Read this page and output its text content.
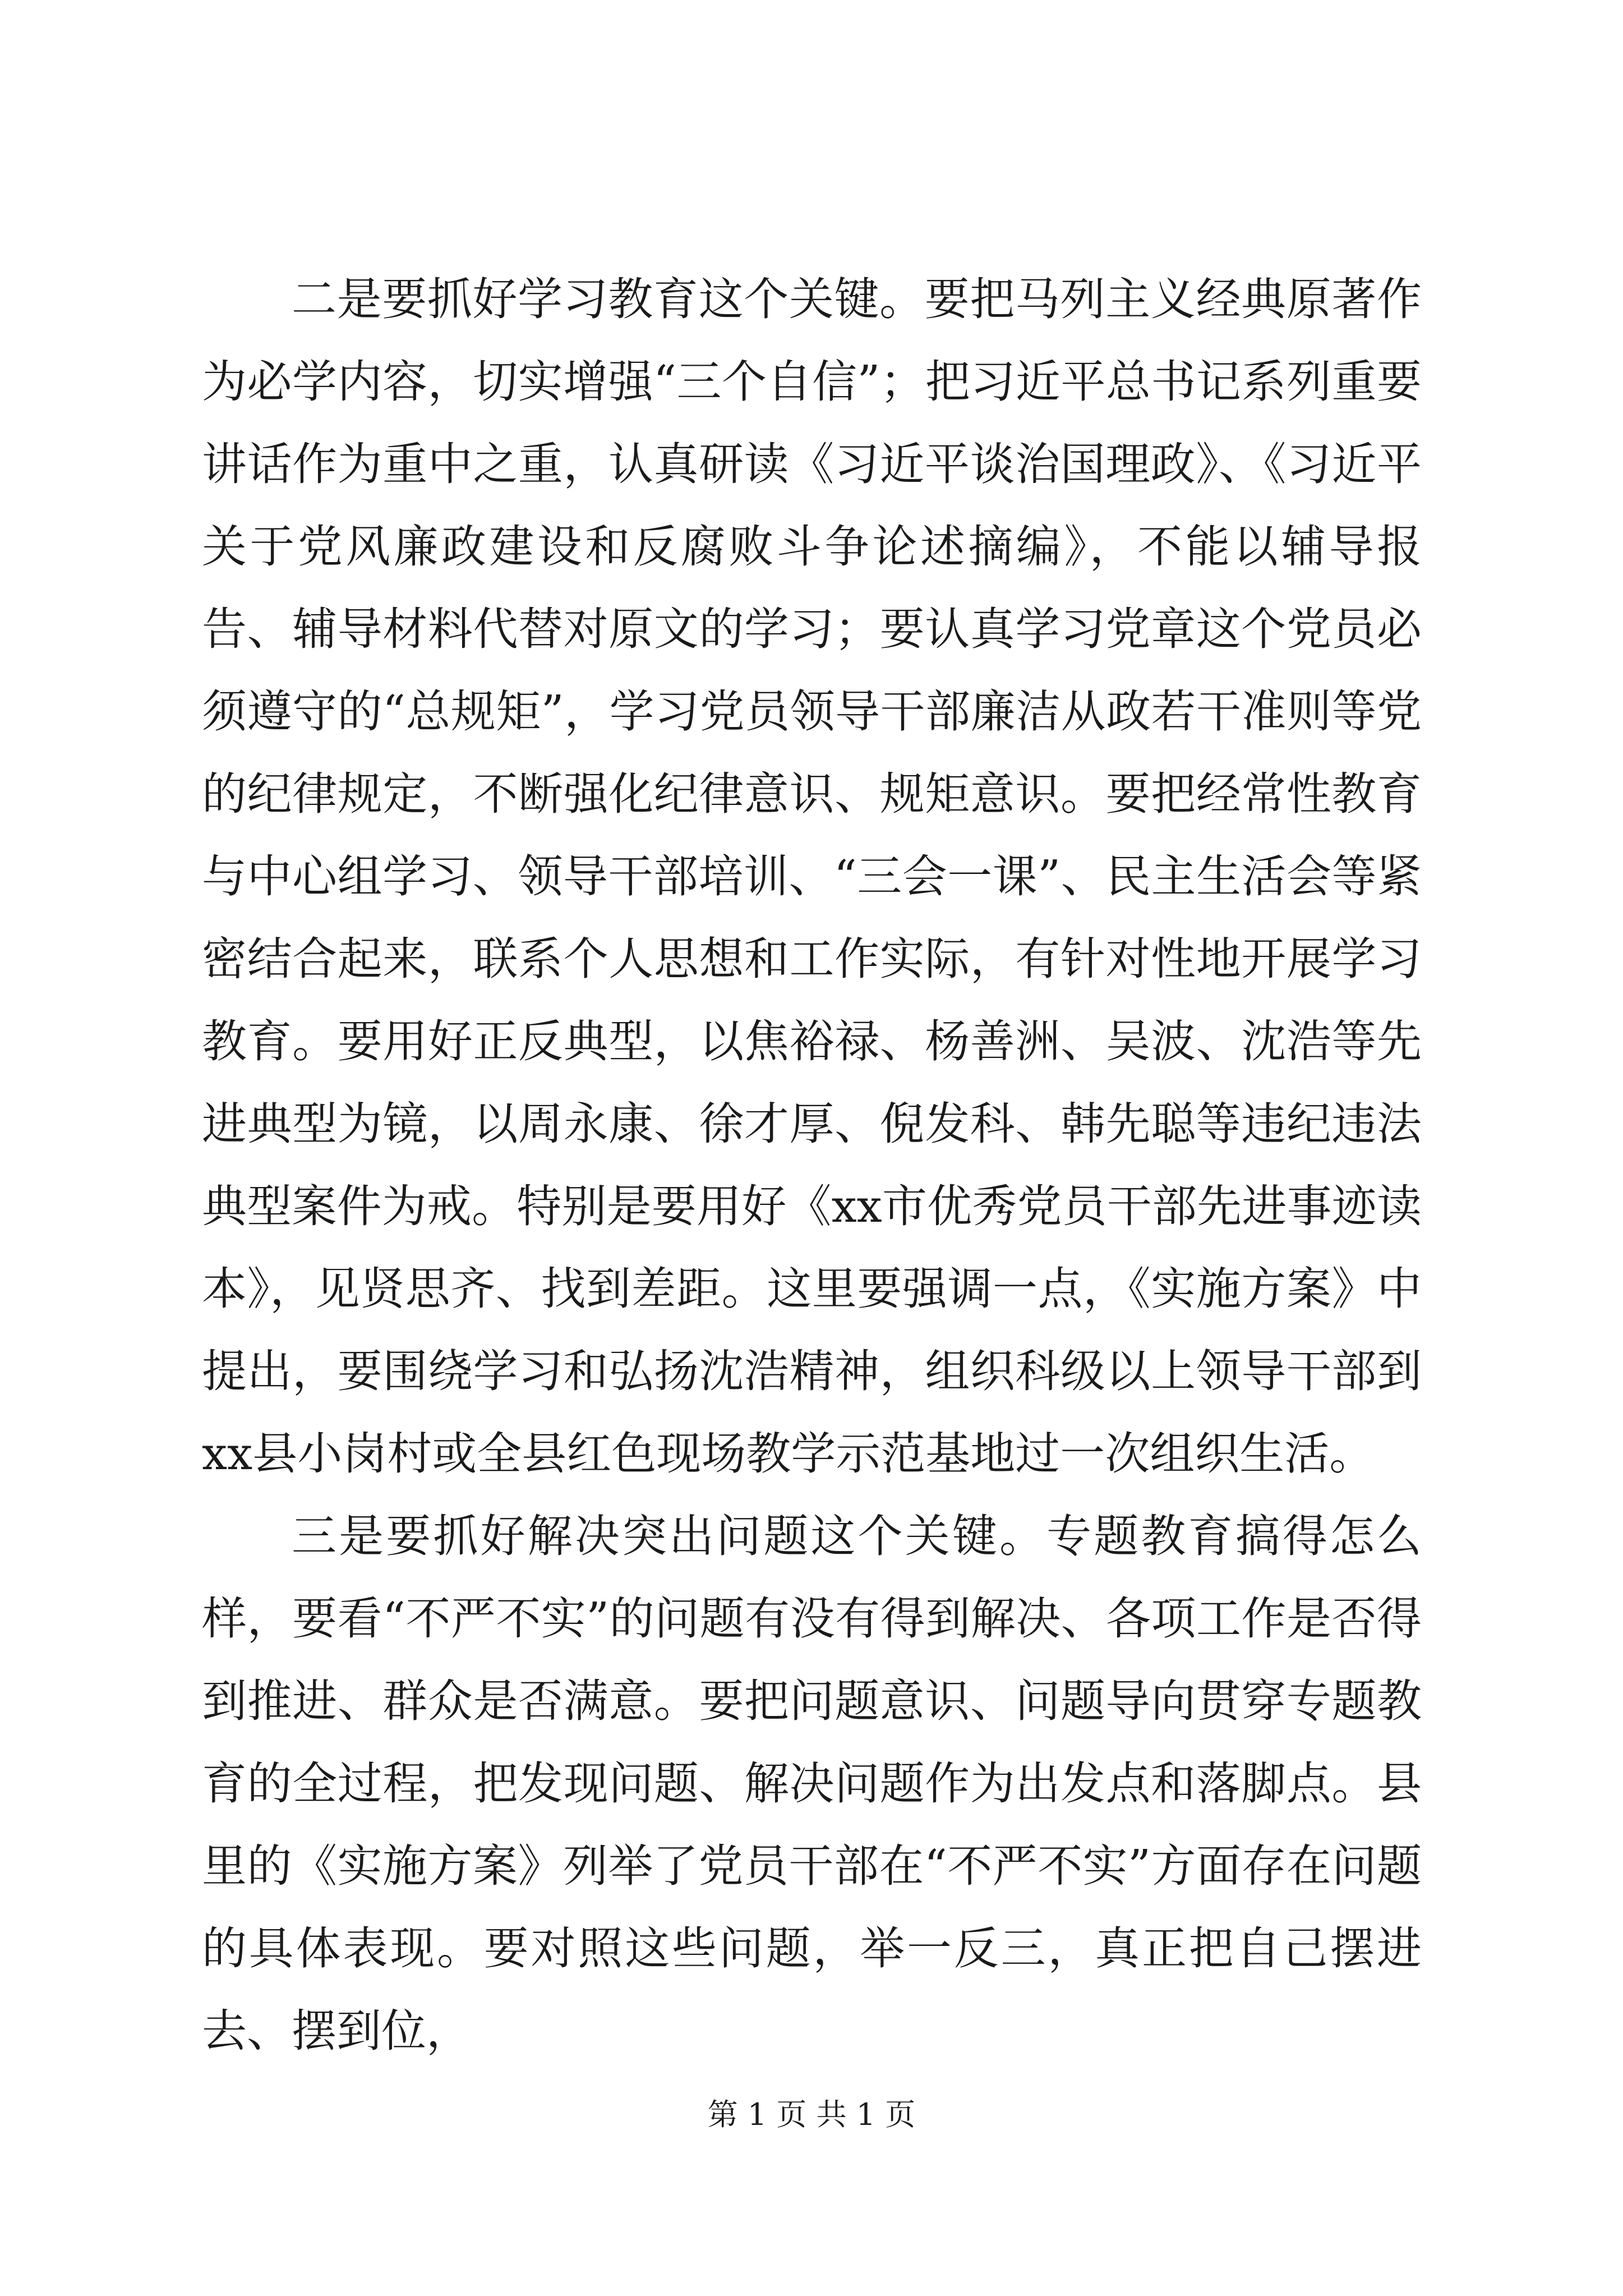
二是要抓好学习教育这个关键。要把马列主义经典原著作为必学内容，切实增强“三个自信”；把习近平总书记系列重要讲话作为重中之重，认真研读《习近平谈治国理政》、《习近平关于党风廉政建设和反腐败斗争论述摘编》，不能以辅导报告、辅导材料代替对原文的学习；要认真学习党章这个党员必须遵守的“总规矩”，学习党员领导干部廉洁从政若干准则等党的纪律规定，不断强化纪律意识、规矩意识。要把经常性教育与中心组学习、领导干部培训、“三会一课”、民主生活会等紧密结合起来，联系个人思想和工作实际，有针对性地开展学习教育。要用好正反典型，以焦裕禄、杨善洲、吴波、沈浩等先进典型为镜，以周永康、徐才厚、倪发科、韩先聪等违纪违法典型案件为戒。特别是要用好《xx市优秀党员干部先进事迹读本》，见贤思齐、找到差距。这里要强调一点，《实施方案》中提出，要围绕学习和弘扬沈浩精神，组织科级以上领导干部到xx县小岗村或全县红色现场教学示范基地过一次组织生活。

三是要抓好解决突出问题这个关键。专题教育搞得怎么样，要看“不严不实”的问题有没有得到解决、各项工作是否得到推进、群众是否满意。要把问题意识、问题导向贯穿专题教育的全过程，把发现问题、解决问题作为出发点和落脚点。县里的《实施方案》列举了党员干部在“不严不实”方面存在问题的具体表现。要对照这些问题，举一反三，真正把自己摆进去、摆到位，

第 1 页 共 1 页
